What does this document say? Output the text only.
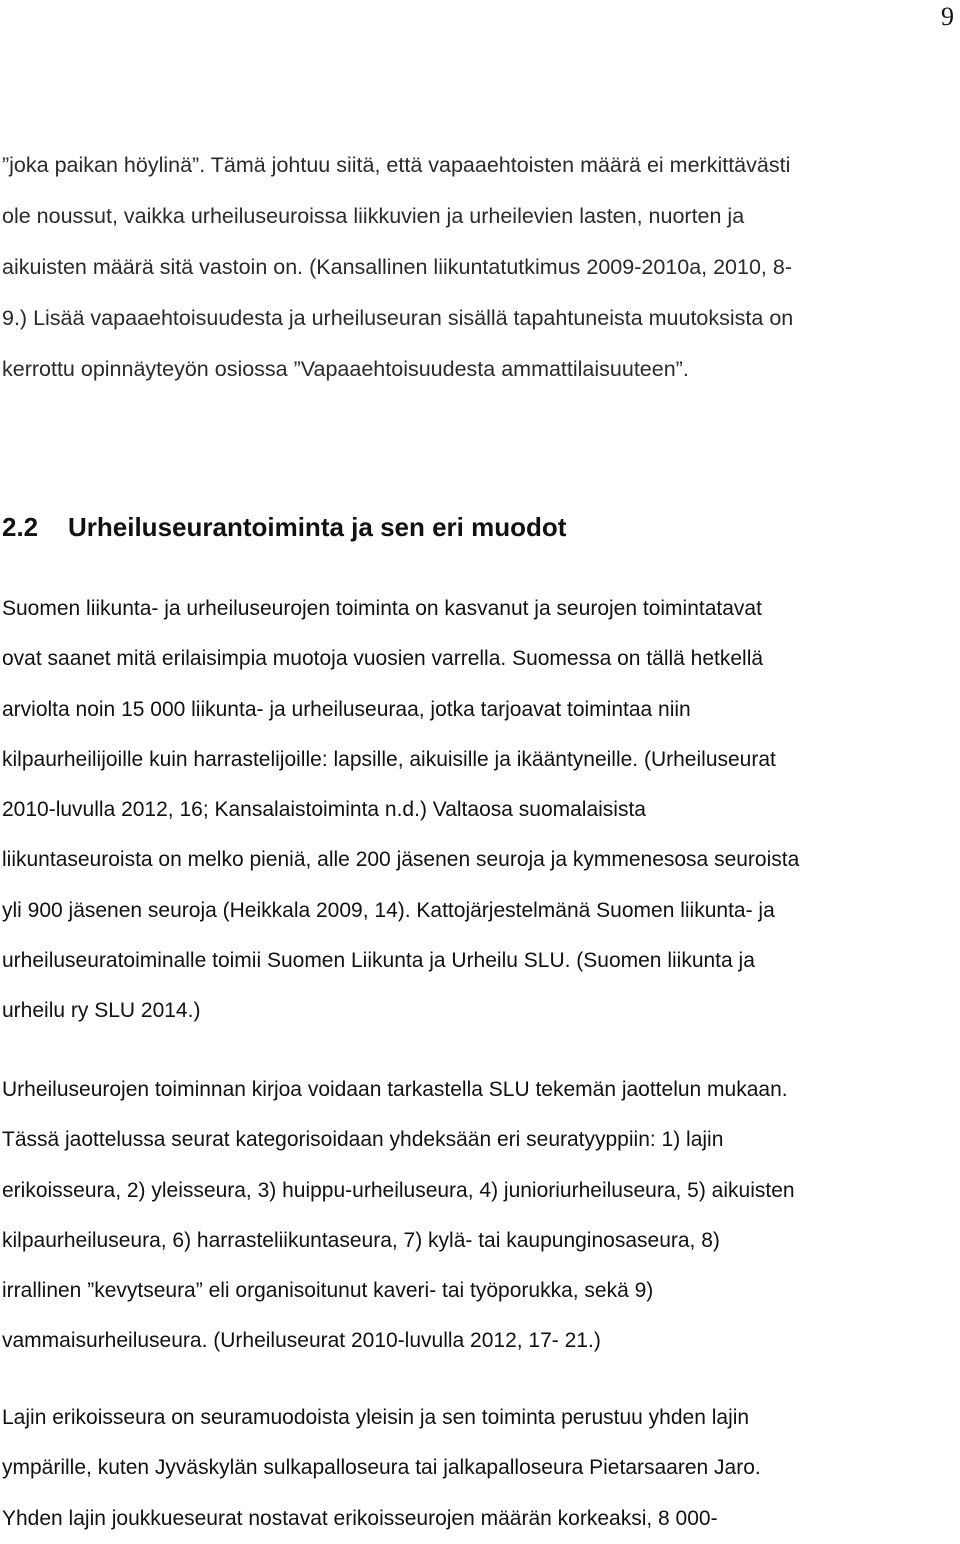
9
”joka paikan höylinä”. Tämä johtuu siitä, että vapaaehtoisten määrä ei merkittävästi
ole noussut, vaikka urheiluseuroissa liikkuvien ja urheilevien lasten, nuorten ja
aikuisten määrä sitä vastoin on. (Kansallinen liikuntatutkimus 2009-2010a, 2010, 8-
9.) Lisää vapaaehtoisuudesta ja urheiluseuran sisällä tapahtuneista muutoksista on
kerrottu opinnäyteyön osiossa ”Vapaaehtoisuudesta ammattilaisuuteen”.
2.2 Urheiluseurantoiminta ja sen eri muodot
Suomen liikunta- ja urheiluseurojen toiminta on kasvanut ja seurojen toimintatavat
ovat saanet mitä erilaisimpia muotoja vuosien varrella. Suomessa on tällä hetkellä
arviolta noin 15 000 liikunta- ja urheiluseuraa, jotka tarjoavat toimintaa niin
kilpaurheilijoille kuin harrastelijoille: lapsille, aikuisille ja ikääntyneille. (Urheiluseurat
2010-luvulla 2012, 16; Kansalaistoiminta n.d.) Valtaosa suomalaisista
liikuntaseuroista on melko pieniä, alle 200 jäsenen seuroja ja kymmenesosa seuroista
yli 900 jäsenen seuroja (Heikkala 2009, 14). Kattojärjestelmänä Suomen liikunta- ja
urheiluseuratoiminalle toimii Suomen Liikunta ja Urheilu SLU. (Suomen liikunta ja
urheilu ry SLU 2014.)
Urheiluseurojen toiminnan kirjoa voidaan tarkastella SLU tekemän jaottelun mukaan.
Tässä jaottelussa seurat kategorisoidaan yhdeksään eri seuratyyppiin: 1) lajin
erikoisseura, 2) yleisseura, 3) huippu-urheiluseura, 4) junioriurheiluseura, 5) aikuisten
kilpaurheiluseura, 6) harrasteliikuntaseura, 7) kylä- tai kaupunginosaseura, 8)
irrallinen ”kevytseura” eli organisoitunut kaveri- tai työporukka, sekä 9)
vammaisurheiluseura. (Urheiluseurat 2010-luvulla 2012, 17- 21.)
Lajin erikoisseura on seuramuodoista yleisin ja sen toiminta perustuu yhden lajin
ympärille, kuten Jyväskylän sulkapalloseura tai jalkapalloseura Pietarsaaren Jaro.
Yhden lajin joukkueseurat nostavat erikoisseurojen määrän korkeaksi, 8 000-
